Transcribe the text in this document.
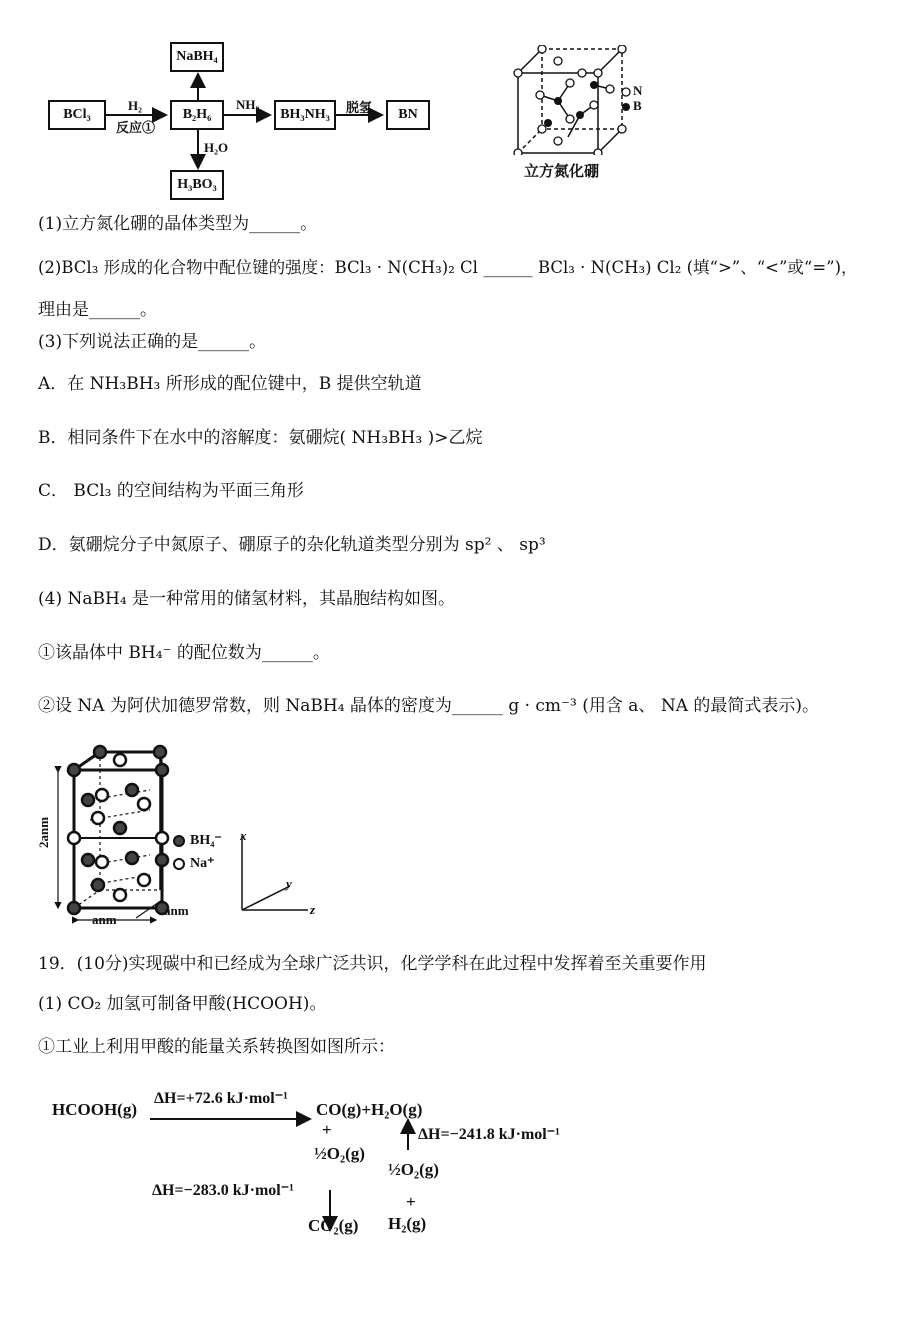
BCl₃
H₂
反应①
B₂H₆
NaBH₄
NH₃
BH₃NH₃	脱氢	BN
H₂O
H₃BO₃
N
B
立方氮化硼
(1)立方氮化硼的晶体类型为______。
(2)BCl₃ 形成的化合物中配位键的强度：BCl₃ · N(CH₃)₂ Cl ______ BCl₃ · N(CH₃) Cl₂ (填“>”、“<”或“=”)，
理由是______。
(3)下列说法正确的是______。
A．在 NH₃BH₃ 所形成的配位键中，B 提供空轨道
B．相同条件下在水中的溶解度：氨硼烷( NH₃BH₃ )>乙烷
C． BCl₃ 的空间结构为平面三角形
D．氨硼烷分子中氮原子、硼原子的杂化轨道类型分别为 sp² 、 sp³
(4) NaBH₄ 是一种常用的储氢材料，其晶胞结构如图。
①该晶体中 BH₄⁻ 的配位数为______。
②设 NA 为阿伏加德罗常数，则 NaBH₄ 晶体的密度为______ g · cm⁻³ (用含 a、 NA 的最简式表示)。
2anm
anm
anm
BH₄⁻
Na⁺
x
y
z
19．(10分)实现碳中和已经成为全球广泛共识，化学学科在此过程中发挥着至关重要作用
(1) CO₂ 加氢可制备甲酸(HCOOH)。
①工业上利用甲酸的能量关系转换图如图所示：
HCOOH(g)
ΔH=+72.6 kJ·mol⁻¹
CO(g)+H₂O(g)
+
½O₂(g)
ΔH=−283.0 kJ·mol⁻¹
CO₂(g)
ΔH=−241.8 kJ·mol⁻¹
½O₂(g)
+
H₂(g)
